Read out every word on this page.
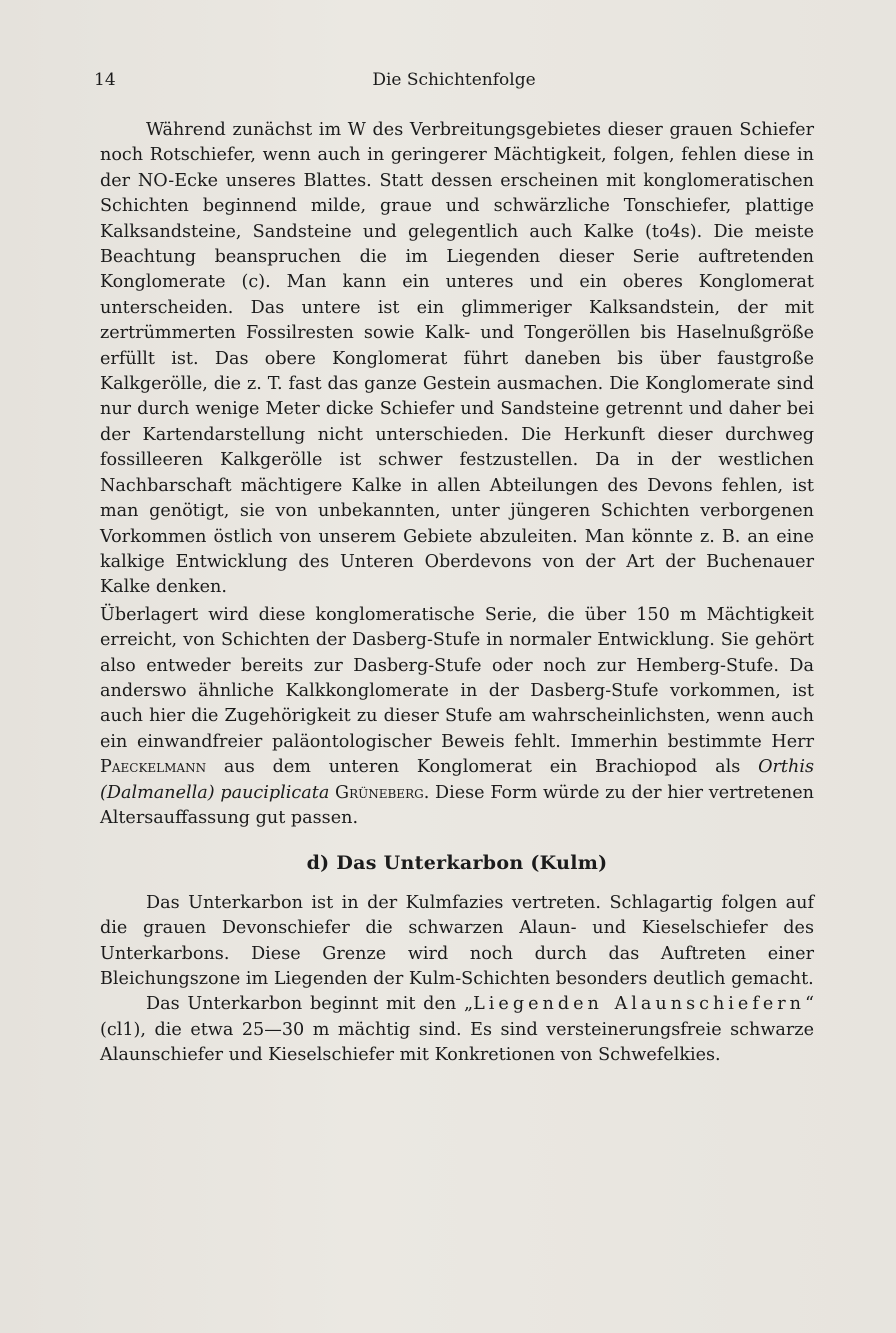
14	Die Schichtenfolge

Während zunächst im W des Verbreitungsgebietes dieser grauen Schiefer noch Rotschiefer, wenn auch in geringerer Mächtigkeit, folgen, fehlen diese in der NO-Ecke unseres Blattes. Statt dessen erscheinen mit konglomeratischen Schichten beginnend milde, graue und schwärzliche Tonschiefer, plattige Kalksandsteine, Sandsteine und gelegentlich auch Kalke (to4s). Die meiste Beachtung beanspruchen die im Liegenden dieser Serie auftretenden Konglomerate (c). Man kann ein unteres und ein oberes Konglomerat unterscheiden. Das untere ist ein glimmeriger Kalksandstein, der mit zertrümmerten Fossilresten sowie Kalk- und Tongeröllen bis Haselnußgröße erfüllt ist. Das obere Konglomerat führt daneben bis über faustgroße Kalkgerölle, die z. T. fast das ganze Gestein ausmachen. Die Konglomerate sind nur durch wenige Meter dicke Schiefer und Sandsteine getrennt und daher bei der Kartendarstellung nicht unterschieden. Die Herkunft dieser durchweg fossilleeren Kalkgerölle ist schwer festzustellen. Da in der westlichen Nachbarschaft mächtigere Kalke in allen Abteilungen des Devons fehlen, ist man genötigt, sie von unbekannten, unter jüngeren Schichten verborgenen Vorkommen östlich von unserem Gebiete abzuleiten. Man könnte z. B. an eine kalkige Entwicklung des Unteren Oberdevons von der Art der Buchenauer Kalke denken.

Überlagert wird diese konglomeratische Serie, die über 150 m Mächtigkeit erreicht, von Schichten der Dasberg-Stufe in normaler Entwicklung. Sie gehört also entweder bereits zur Dasberg-Stufe oder noch zur Hemberg-Stufe. Da anderswo ähnliche Kalkkonglomerate in der Dasberg-Stufe vorkommen, ist auch hier die Zugehörigkeit zu dieser Stufe am wahrscheinlichsten, wenn auch ein einwandfreier paläontologischer Beweis fehlt. Immerhin bestimmte Herr Paeckelmann aus dem unteren Konglomerat ein Brachiopod als Orthis (Dalmanella) pauciplicata Grüneberg. Diese Form würde zu der hier vertretenen Altersauffassung gut passen.

d) Das Unterkarbon (Kulm)

Das Unterkarbon ist in der Kulmfazies vertreten. Schlagartig folgen auf die grauen Devonschiefer die schwarzen Alaun- und Kieselschiefer des Unterkarbons. Diese Grenze wird noch durch das Auftreten einer Bleichungszone im Liegenden der Kulm-Schichten besonders deutlich gemacht.

Das Unterkarbon beginnt mit den „Liegenden Alaunschiefern“ (cl1), die etwa 25—30 m mächtig sind. Es sind versteinerungsfreie schwarze Alaunschiefer und Kieselschiefer mit Konkretionen von Schwefelkies.
